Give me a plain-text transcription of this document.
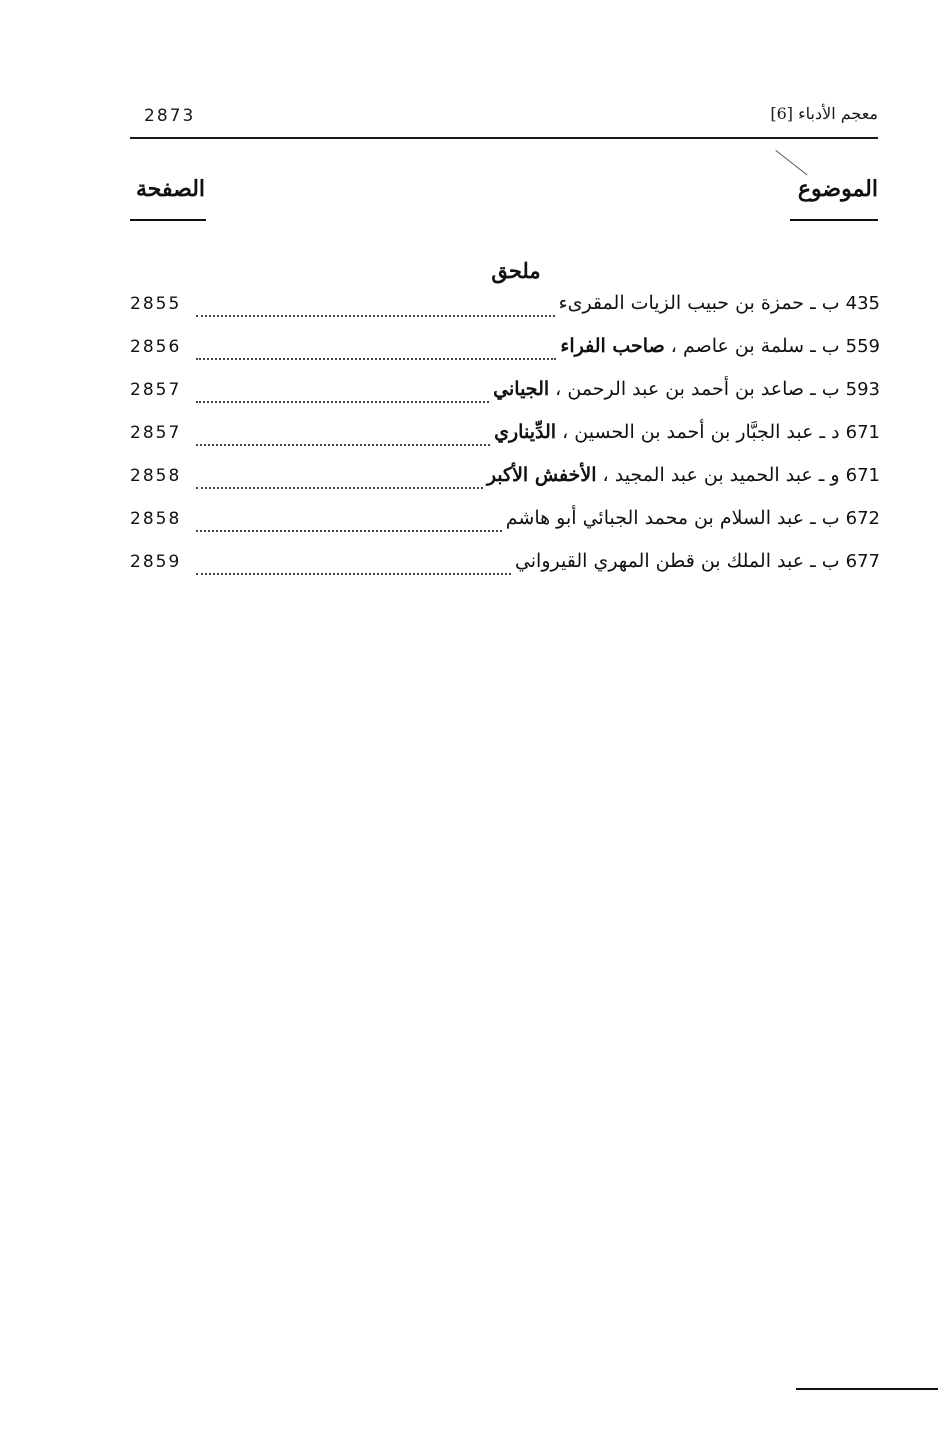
2873	معجم الأدباء [6]
الموضوع
الصفحة
ملحق
2855	435 ب ـ حمزة بن حبيب الزيات المقرىء
2856	559 ب ـ سلمة بن عاصم ، صاحب الفراء
2857	593 ب ـ صاعد بن أحمد بن عبد الرحمن ، الجياني
2857	671 د ـ عبد الجبَّار بن أحمد بن الحسين ، الدِّيناري
2858	671 و ـ عبد الحميد بن عبد المجيد ، الأخفش الأكبر
2858	672 ب ـ عبد السلام بن محمد الجبائي أبو هاشم
2859	677 ب ـ عبد الملك بن قطن المهري القيرواني
